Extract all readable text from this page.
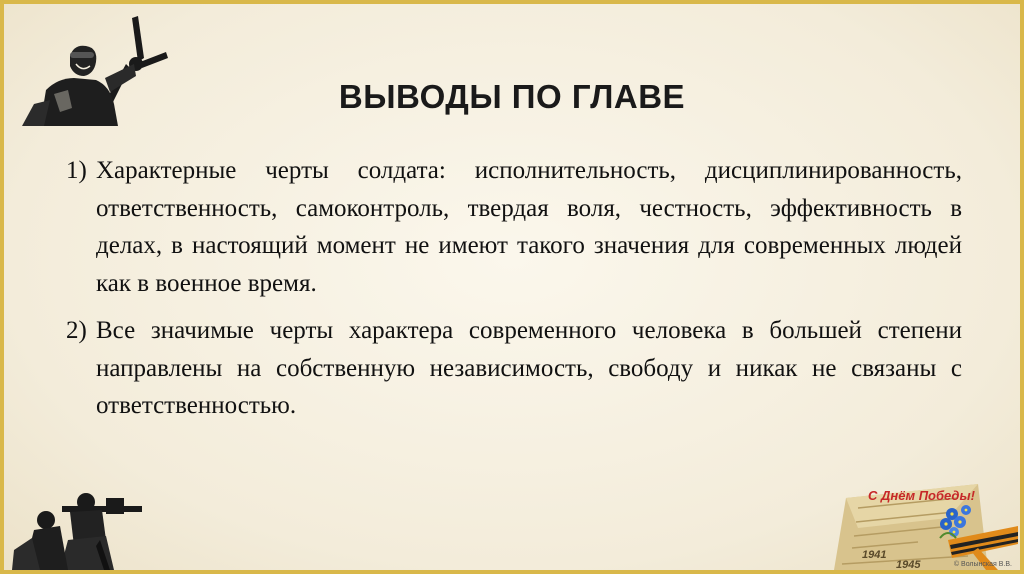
ВЫВОДЫ ПО ГЛАВЕ
1) Характерные черты солдата: исполнительность, дисциплинированность, ответственность, самоконтроль, твердая воля, честность, эффективность в делах, в настоящий момент не имеют такого значения для современных людей как в военное время.
2) Все значимые черты характера современного человека в большей степени направлены на собственную независимость, свободу и никак не связаны с ответственностью.
С Днём Победы!
1941
1945	© Волынская В.В.
